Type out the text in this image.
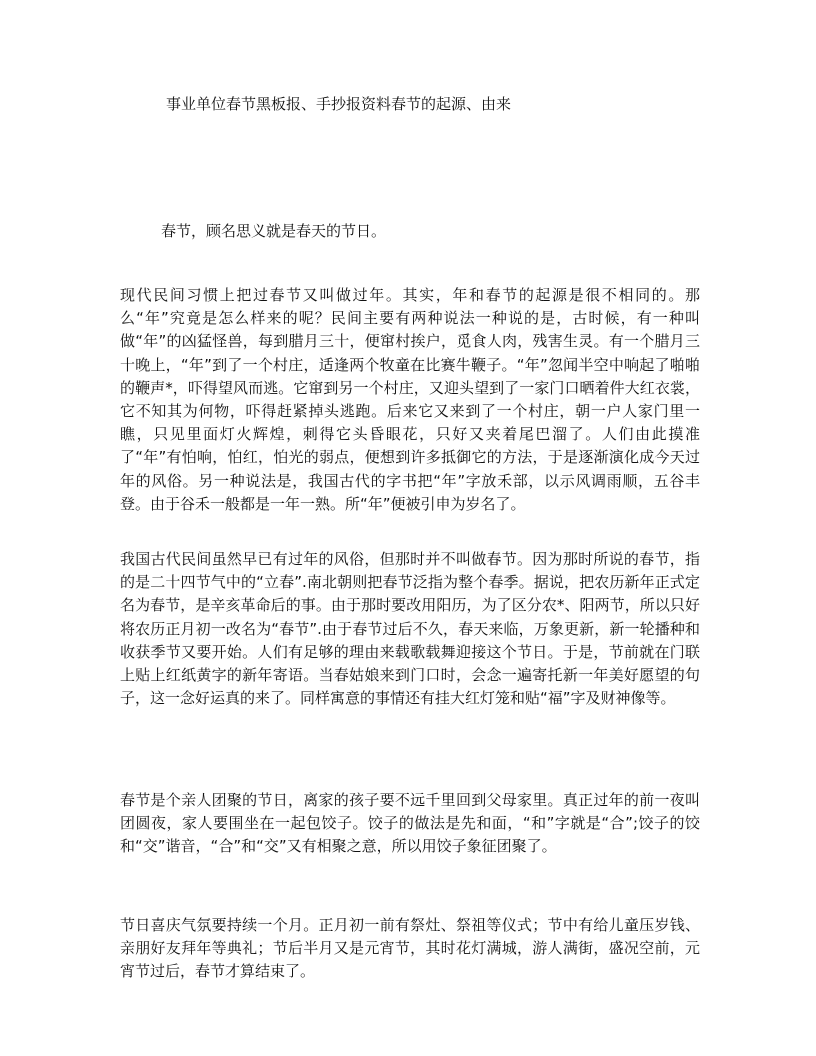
事业单位春节黑板报、手抄报资料春节的起源、由来

春节，顾名思义就是春天的节日。

现代民间习惯上把过春节又叫做过年。其实，年和春节的起源是很不相同的。那么“年”究竟是怎么样来的呢？民间主要有两种说法一种说的是，古时候，有一种叫做“年”的凶猛怪兽，每到腊月三十，便窜村挨户，觅食人肉，残害生灵。有一个腊月三十晚上，“年”到了一个村庄，适逢两个牧童在比赛牛鞭子。“年”忽闻半空中响起了啪啪的鞭声*，吓得望风而逃。它窜到另一个村庄，又迎头望到了一家门口晒着件大红衣裳，它不知其为何物，吓得赶紧掉头逃跑。后来它又来到了一个村庄，朝一户人家门里一瞧，只见里面灯火辉煌，刺得它头昏眼花，只好又夹着尾巴溜了。人们由此摸准了“年”有怕响，怕红，怕光的弱点，便想到许多抵御它的方法，于是逐渐演化成今天过年的风俗。另一种说法是，我国古代的字书把“年”字放禾部，以示风调雨顺，五谷丰登。由于谷禾一般都是一年一熟。所“年”便被引申为岁名了。

我国古代民间虽然早已有过年的风俗，但那时并不叫做春节。因为那时所说的春节，指的是二十四节气中的“立春”.南北朝则把春节泛指为整个春季。据说，把农历新年正式定名为春节，是辛亥革命后的事。由于那时要改用阳历，为了区分农*、阳两节，所以只好将农历正月初一改名为“春节”.由于春节过后不久，春天来临，万象更新，新一轮播种和收获季节又要开始。人们有足够的理由来载歌载舞迎接这个节日。于是，节前就在门联上贴上红纸黄字的新年寄语。当春姑娘来到门口时，会念一遍寄托新一年美好愿望的句子，这一念好运真的来了。同样寓意的事情还有挂大红灯笼和贴“福”字及财神像等。

春节是个亲人团聚的节日，离家的孩子要不远千里回到父母家里。真正过年的前一夜叫团圆夜，家人要围坐在一起包饺子。饺子的做法是先和面，“和”字就是“合”;饺子的饺和“交”谐音，“合”和“交”又有相聚之意，所以用饺子象征团聚了。

节日喜庆气氛要持续一个月。正月初一前有祭灶、祭祖等仪式；节中有给儿童压岁钱、亲朋好友拜年等典礼；节后半月又是元宵节，其时花灯满城，游人满街，盛况空前，元宵节过后，春节才算结束了。
